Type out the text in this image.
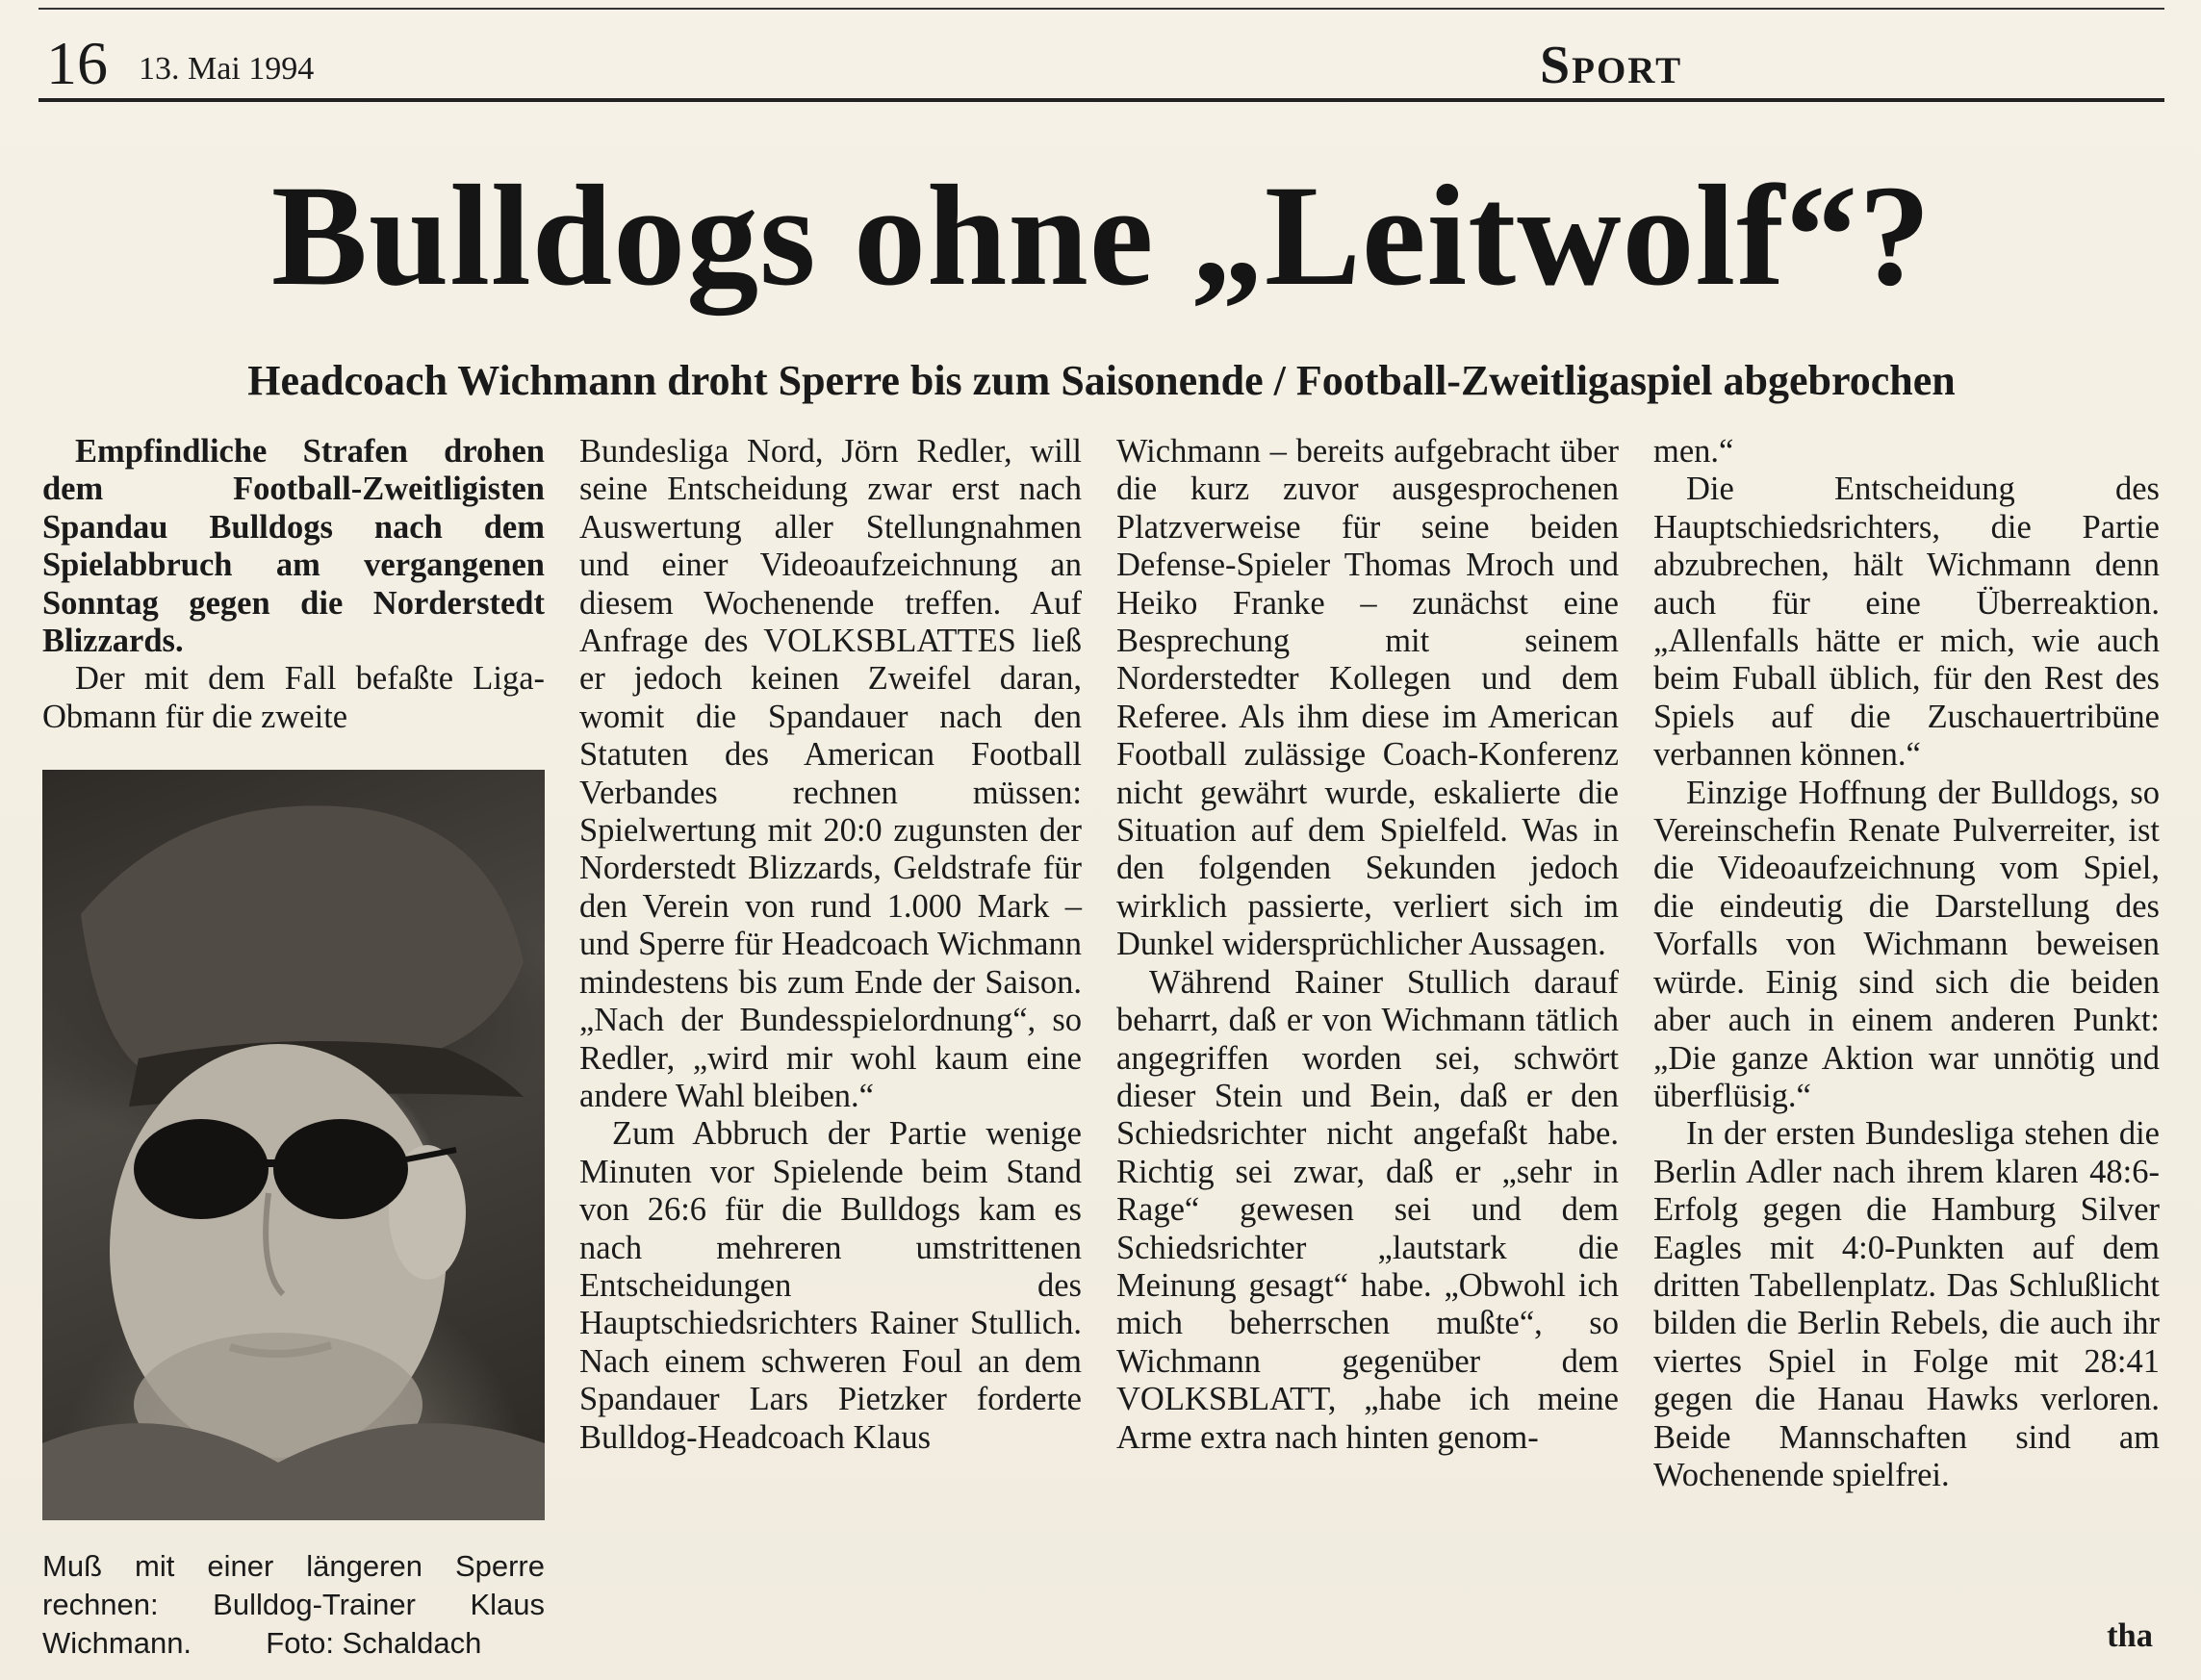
16 13. Mai 1994	Sport
Bulldogs ohne „Leitwolf“?
Headcoach Wichmann droht Sperre bis zum Saisonende / Football-Zweitligaspiel abgebrochen

Empfindliche Strafen drohen dem Football-Zweitligisten Spandau Bulldogs nach dem Spielabbruch am vergangenen Sonntag gegen die Norderstedt Blizzards.

Der mit dem Fall befaßte Liga-Obmann für die zweite

Muß mit einer längeren Sperre rechnen: Bulldog-Trainer Klaus Wichmann. Foto: Schaldach

Bundesliga Nord, Jörn Redler, will seine Entscheidung zwar erst nach Auswertung aller Stellungnahmen und einer Videoaufzeichnung an diesem Wochenende treffen. Auf Anfrage des VOLKSBLATTES ließ er jedoch keinen Zweifel daran, womit die Spandauer nach den Statuten des American Football Verbandes rechnen müssen: Spielwertung mit 20:0 zugunsten der Norderstedt Blizzards, Geldstrafe für den Verein von rund 1.000 Mark – und Sperre für Headcoach Wichmann mindestens bis zum Ende der Saison. „Nach der Bundesspielordnung“, so Redler, „wird mir wohl kaum eine andere Wahl bleiben.“

Zum Abbruch der Partie wenige Minuten vor Spielende beim Stand von 26:6 für die Bulldogs kam es nach mehreren umstrittenen Entscheidungen des Hauptschiedsrichters Rainer Stullich. Nach einem schweren Foul an dem Spandauer Lars Pietzker forderte Bulldog-Headcoach Klaus

Wichmann – bereits aufgebracht über die kurz zuvor ausgesprochenen Platzverweise für seine beiden Defense-Spieler Thomas Mroch und Heiko Franke – zunächst eine Besprechung mit seinem Norderstedter Kollegen und dem Referee. Als ihm diese im American Football zulässige Coach-Konferenz nicht gewährt wurde, eskalierte die Situation auf dem Spielfeld. Was in den folgenden Sekunden jedoch wirklich passierte, verliert sich im Dunkel widersprüchlicher Aussagen.

Während Rainer Stullich darauf beharrt, daß er von Wichmann tätlich angegriffen worden sei, schwört dieser Stein und Bein, daß er den Schiedsrichter nicht angefaßt habe. Richtig sei zwar, daß er „sehr in Rage“ gewesen sei und dem Schiedsrichter „lautstark die Meinung gesagt“ habe. „Obwohl ich mich beherrschen mußte“, so Wichmann gegenüber dem VOLKSBLATT, „habe ich meine Arme extra nach hinten genom-

men.“

Die Entscheidung des Hauptschiedsrichters, die Partie abzubrechen, hält Wichmann denn auch für eine Überreaktion. „Allenfalls hätte er mich, wie auch beim Fuball üblich, für den Rest des Spiels auf die Zuschauertribüne verbannen können.“

Einzige Hoffnung der Bulldogs, so Vereinschefin Renate Pulverreiter, ist die Videoaufzeichnung vom Spiel, die eindeutig die Darstellung des Vorfalls von Wichmann beweisen würde. Einig sind sich die beiden aber auch in einem anderen Punkt: „Die ganze Aktion war unnötig und überflüsig.“

In der ersten Bundesliga stehen die Berlin Adler nach ihrem klaren 48:6-Erfolg gegen die Hamburg Silver Eagles mit 4:0-Punkten auf dem dritten Tabellenplatz. Das Schlußlicht bilden die Berlin Rebels, die auch ihr viertes Spiel in Folge mit 28:41 gegen die Hanau Hawks verloren. Beide Mannschaften sind am Wochenende spielfrei.

tha
